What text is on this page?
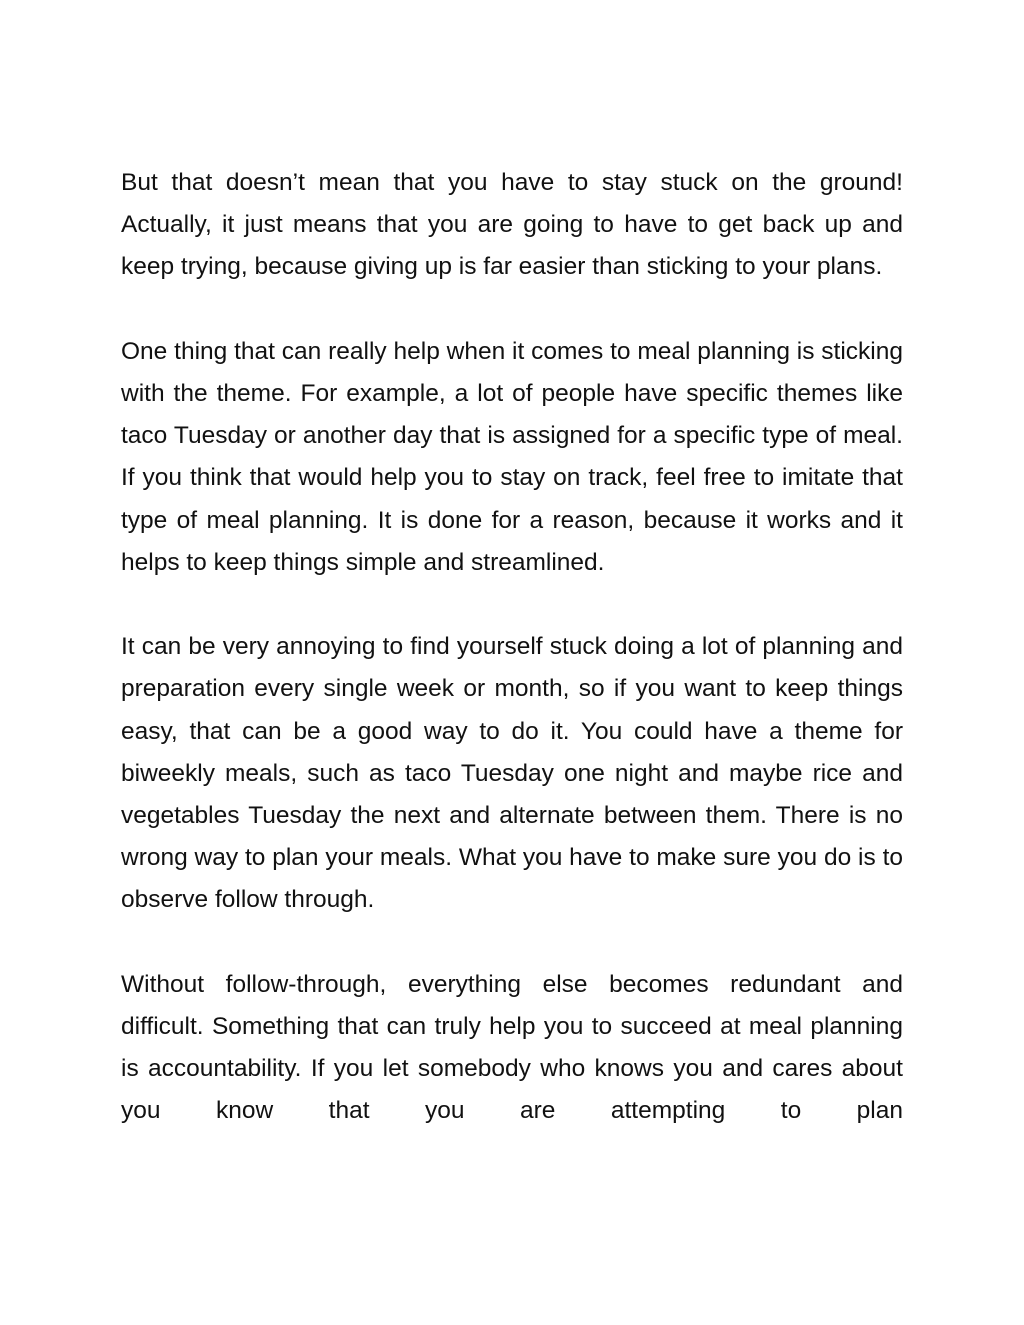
But that doesn’t mean that you have to stay stuck on the ground! Actually, it just means that you are going to have to get back up and keep trying, because giving up is far easier than sticking to your plans.

One thing that can really help when it comes to meal planning is sticking with the theme. For example, a lot of people have specific themes like taco Tuesday or another day that is assigned for a specific type of meal. If you think that would help you to stay on track, feel free to imitate that type of meal planning. It is done for a reason, because it works and it helps to keep things simple and streamlined.

It can be very annoying to find yourself stuck doing a lot of planning and preparation every single week or month, so if you want to keep things easy, that can be a good way to do it. You could have a theme for biweekly meals, such as taco Tuesday one night and maybe rice and vegetables Tuesday the next and alternate between them. There is no wrong way to plan your meals. What you have to make sure you do is to observe follow through.

Without follow-through, everything else becomes redundant and difficult. Something that can truly help you to succeed at meal planning is accountability. If you let somebody who knows you and cares about you know that you are attempting to plan
